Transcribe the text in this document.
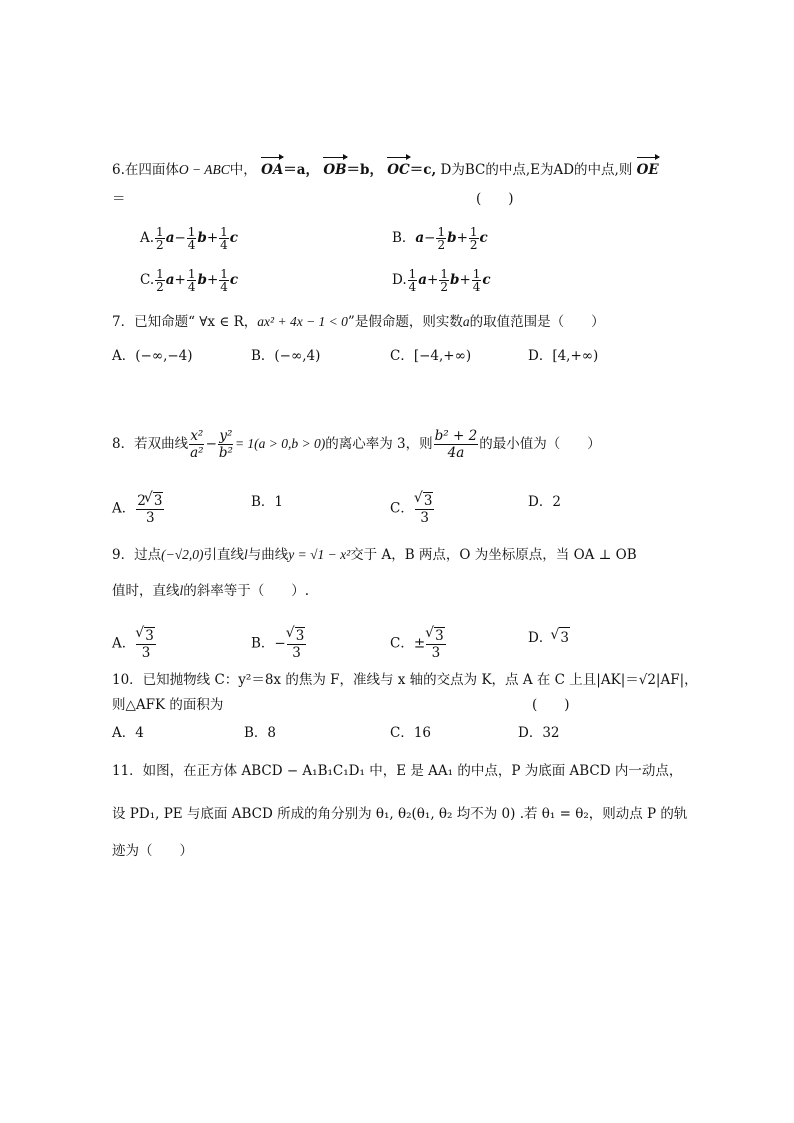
6.在四面体O − ABC中， OA＝a， OB＝b， OC＝c, D为BC的中点,E为AD的中点,则 OE
＝	(　　)
A. $\frac{1}{2} a- \frac{1}{4} b+ \frac{1}{4}$ c	B．$a- \frac{1}{2} b+ \frac{1}{2}$ c
C. $\frac{1}{2} a+ \frac{1}{4} b+ \frac{1}{4}$ c	D. $\frac{1}{4} a+ \frac{1}{2} b+ \frac{1}{4}$ c
7．已知命题“ ∀x ∈ R，ax² + 4x − 1 < 0”是假命题，则实数a的取值范围是（　　）
A．(−∞,−4)	B．(−∞,4)	C．[−4,+∞)	D．[4,+∞)
8．若双曲线 $\frac{\text{x²}}{\text{a²}} - \frac{\text{y²}}{\text{b²}} = 1(a > 0,b > 0)$的离心率为 3，则 $\frac{\text{b² + 2}}{4a}$ 的最小值为（　　）
A． $\frac{2 √ 3}{3}$	B．1	C． √ $\frac{3}{3}$	D．2
9．过点(−√2,0)引直线l与曲线y = √1 − x²交于 A，B 两点，O 为坐标原点，当 OA ⊥ OB
值时，直线l的斜率等于（　　）.
A． √ $\frac{3}{3}$	B．− √ $\frac{3}{3}$	C．± √ $\frac{3}{3}$	D． √ 3
10．已知抛物线 C：y²＝8x 的焦为 F，准线与 x 轴的交点为 K，点 A 在 C 上且|AK|＝√2|AF|，
则△AFK 的面积为	(　　)
A．4	B．8	C．16	D．32
11．如图，在正方体 ABCD − A₁B₁C₁D₁ 中，E 是 AA₁ 的中点，P 为底面 ABCD 内一动点，
设 PD₁, PE 与底面 ABCD 所成的角分别为 θ₁, θ₂(θ₁, θ₂ 均不为 0) .若 θ₁ = θ₂，则动点 P 的轨
迹为（　　）
